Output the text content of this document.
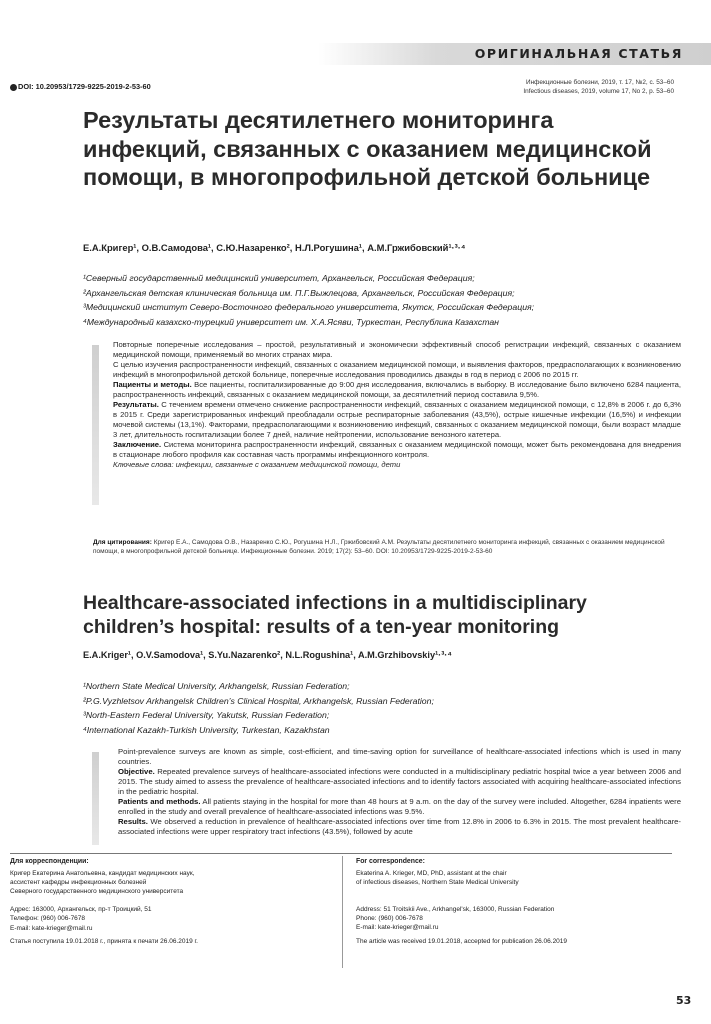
ОРИГИНАЛЬНАЯ СТАТЬЯ
DOI: 10.20953/1729-9225-2019-2-53-60	Инфекционные болезни, 2019, т. 17, №2, с. 53–60
Infectious diseases, 2019, volume 17, No 2, p. 53–60
Результаты десятилетнего мониторинга инфекций, связанных с оказанием медицинской помощи, в многопрофильной детской больнице
Е.А.Кригер¹, О.В.Самодова¹, С.Ю.Назаренко², Н.Л.Рогушина¹, А.М.Гржибовский¹·³·⁴
¹Северный государственный медицинский университет, Архангельск, Российская Федерация;
²Архангельская детская клиническая больница им. П.Г.Выжлецова, Архангельск, Российская Федерация;
³Медицинский институт Северо-Восточного федерального университета, Якутск, Российская Федерация;
⁴Международный казахско-турецкий университет им. Х.А.Ясяви, Туркестан, Республика Казахстан

Повторные поперечные исследования – простой, результативный и экономически эффективный способ регистрации инфекций, связанных с оказанием медицинской помощи, применяемый во многих странах мира.

С целью изучения распространенности инфекций, связанных с оказанием медицинской помощи, и выявления факторов, предрасполагающих к возникновению инфекций в многопрофильной детской больнице, поперечные исследования проводились дважды в год в период с 2006 по 2015 гг.

Пациенты и методы. Все пациенты, госпитализированные до 9:00 дня исследования, включались в выборку. В исследование было включено 6284 пациента, распространенность инфекций, связанных с оказанием медицинской помощи, за десятилетний период составила 9,5%.

Результаты. С течением времени отмечено снижение распространенности инфекций, связанных с оказанием медицинской помощи, с 12,8% в 2006 г. до 6,3% в 2015 г. Среди зарегистрированных инфекций преобладали острые респираторные заболевания (43,5%), острые кишечные инфекции (16,5%) и инфекции мочевой системы (13,1%). Факторами, предрасполагающими к возникновению инфекций, связанных с оказанием медицинской помощи, были возраст младше 3 лет, длительность госпитализации более 7 дней, наличие нейтропении, использование венозного катетера.

Заключение. Система мониторинга распространенности инфекций, связанных с оказанием медицинской помощи, может быть рекомендована для внедрения в стационаре любого профиля как составная часть программы инфекционного контроля.

Ключевые слова: инфекции, связанные с оказанием медицинской помощи, дети

Для цитирования: Кригер Е.А., Самодова О.В., Назаренко С.Ю., Рогушина Н.Л., Гржибовский А.М. Результаты десятилетнего мониторинга инфекций, связанных с оказанием медицинской помощи, в многопрофильной детской больнице. Инфекционные болезни. 2019; 17(2): 53–60. DOI: 10.20953/1729-9225-2019-2-53-60
Healthcare-associated infections in a multidisciplinary children’s hospital: results of a ten-year monitoring
E.A.Kriger¹, O.V.Samodova¹, S.Yu.Nazarenko², N.L.Rogushina¹, A.M.Grzhibovskiy¹·³·⁴
¹Northern State Medical University, Arkhangelsk, Russian Federation;
²P.G.Vyzhletsov Arkhangelsk Children’s Clinical Hospital, Arkhangelsk, Russian Federation;
³North-Eastern Federal University, Yakutsk, Russian Federation;
⁴International Kazakh-Turkish University, Turkestan, Kazakhstan

Point-prevalence surveys are known as simple, cost-efficient, and time-saving option for surveillance of healthcare-associated infections which is used in many countries.

Objective. Repeated prevalence surveys of healthcare-associated infections were conducted in a multidisciplinary pediatric hospital twice a year between 2006 and 2015. The study aimed to assess the prevalence of healthcare-associated infections and to identify factors associated with acquiring healthcare-associated infections in the pediatric hospital.

Patients and methods. All patients staying in the hospital for more than 48 hours at 9 a.m. on the day of the survey were included. Altogether, 6284 inpatients were enrolled in the study and overall prevalence of healthcare-associated infections was 9.5%.

Results. We observed a reduction in prevalence of healthcare-associated infections over time from 12.8% in 2006 to 6.3% in 2015. The most prevalent healthcare-associated infections were upper respiratory tract infections (43.5%), followed by acute

Для корреспонденции:
Кригер Екатерина Анатольевна, кандидат медицинских наук,
ассистент кафедры инфекционных болезней
Северного государственного медицинского университета
Адрес: 163000, Архангельск, пр-т Троицкий, 51
Телефон: (960) 006-7678
E-mail: kate-krieger@mail.ru
Статья поступила 19.01.2018 г., принята к печати 26.06.2019 г.
For correspondence:
Ekaterina A. Krieger, MD, PhD, assistant at the chair
of infectious diseases, Northern State Medical University
Address: 51 Troitskii Ave., Arkhangel'sk, 163000, Russian Federation
Phone: (960) 006-7678
E-mail: kate-krieger@mail.ru
The article was received 19.01.2018, accepted for publication 26.06.2019
53
